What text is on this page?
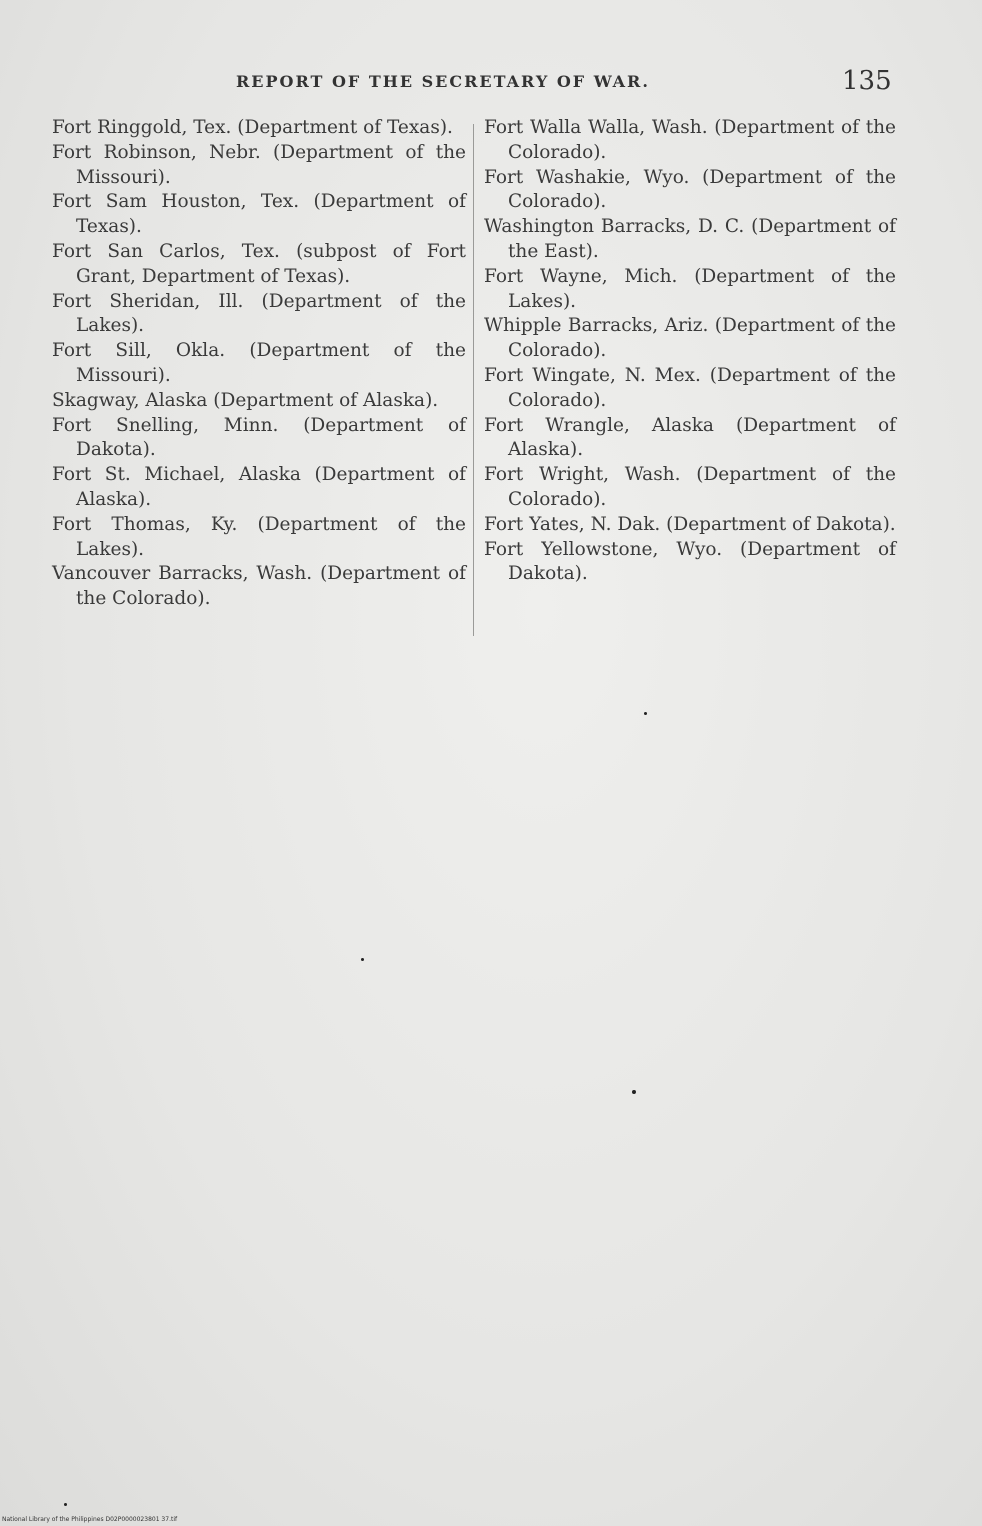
REPORT OF THE SECRETARY OF WAR.	135

Fort Ringgold, Tex. (Department of Texas).

Fort Robinson, Nebr. (Department of the Missouri).

Fort Sam Houston, Tex. (Department of Texas).

Fort San Carlos, Tex. (subpost of Fort Grant, Department of Texas).

Fort Sheridan, Ill. (Department of the Lakes).

Fort Sill, Okla. (Department of the Missouri).

Skagway, Alaska (Department of Alaska).

Fort Snelling, Minn. (Department of Dakota).

Fort St. Michael, Alaska (Department of Alaska).

Fort Thomas, Ky. (Department of the Lakes).

Vancouver Barracks, Wash. (Department of the Colorado).

Fort Walla Walla, Wash. (Department of the Colorado).

Fort Washakie, Wyo. (Department of the Colorado).

Washington Barracks, D. C. (Department of the East).

Fort Wayne, Mich. (Department of the Lakes).

Whipple Barracks, Ariz. (Department of the Colorado).

Fort Wingate, N. Mex. (Department of the Colorado).

Fort Wrangle, Alaska (Department of Alaska).

Fort Wright, Wash. (Department of the Colorado).

Fort Yates, N. Dak. (Department of Dakota).

Fort Yellowstone, Wyo. (Department of Dakota).

National Library of the Philippines D02P0000023801 37.tif
